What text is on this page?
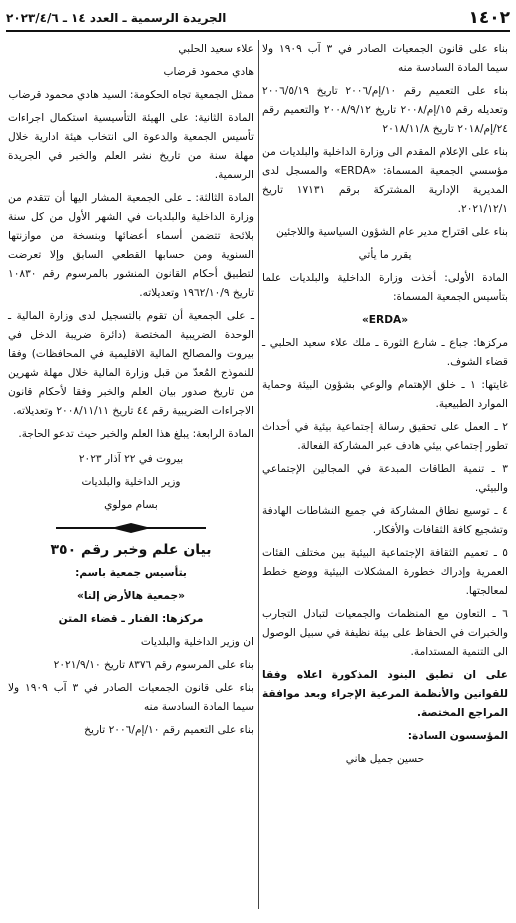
١٤٠٢
الجريدة الرسمية ـ العدد ١٤
ـ ٢٠٢٣/٤/٦

بناء على قانون الجمعيات الصادر في ٣ آب ١٩٠٩ ولا سيما المادة السادسة منه

بناء على التعميم رقم ١٠/إم/٢٠٠٦ تاريخ ٢٠٠٦/٥/١٩ وتعديله رقم ١٥/إم/٢٠٠٨ تاريخ ٢٠٠٨/٩/١٢ والتعميم رقم ٢٤/إم/٢٠١٨ تاريخ ٢٠١٨/١١/٨

بناء على الإعلام المقدم الى وزارة الداخلية والبلديات من مؤسسي الجمعية المسماة: «ERDA» والمسجل لدى المديرية الإدارية المشتركة برقم ١٧١٣١ تاريخ ٢٠٢١/١٢/١.

بناء على اقتراح مدير عام الشؤون السياسية واللاجئين

يقرر ما يأتي

المادة الأولى: أخذت وزارة الداخلية والبلديات علما بتأسيس الجمعية المسماة:

«ERDA»

مركزها: جباع ـ شارع الثورة ـ ملك علاء سعيد الحلبي ـ قضاء الشوف.

غايتها: ١ ـ خلق الإهتمام والوعي بشؤون البيئة وحماية الموارد الطبيعية.

٢ ـ العمل على تحقيق رسالة إجتماعية بيئية في أحداث تطور إجتماعي بيئي هادف عبر المشاركة الفعالة.

٣ ـ تنمية الطاقات المبدعة في المجالين الإجتماعي والبيئي.

٤ ـ توسيع نطاق المشاركة في جميع النشاطات الهادفة وتشجيع كافة الثقافات والأفكار.

٥ ـ تعميم الثقافة الإجتماعية البيئية بين مختلف الفئات العمرية وإدراك خطورة المشكلات البيئية ووضع خطط لمعالجتها.

٦ ـ التعاون مع المنظمات والجمعيات لتبادل التجارب والخبرات في الحفاظ على بيئة نظيفة في سبيل الوصول الى التنمية المستدامة.

على ان تطبق البنود المذكورة اعلاه وفقا للقوانين والأنظمة المرعية الإجراء وبعد موافقة المراجع المختصة.

المؤسسون السادة:

حسين جميل هاني

علاء سعيد الحلبي

هادي محمود قرضاب

ممثل الجمعية تجاه الحكومة: السيد هادي محمود قرضاب

المادة الثانية: على الهيئة التأسيسية استكمال اجراءات تأسيس الجمعية والدعوة الى انتخاب هيئة ادارية خلال مهلة سنة من تاريخ نشر العلم والخبر في الجريدة الرسمية.

المادة الثالثة: ـ على الجمعية المشار اليها أن تتقدم من وزارة الداخلية والبلديات في الشهر الأول من كل سنة بلائحة تتضمن أسماء أعضائها وبنسخة من موازنتها السنوية ومن حسابها القطعي السابق وإلا تعرضت لتطبيق أحكام القانون المنشور بالمرسوم رقم ١٠٨٣٠ تاريخ ١٩٦٢/١٠/٩ وتعديلاته.

ـ على الجمعية أن تقوم بالتسجيل لدى وزارة المالية ـ الوحدة الضريبية المختصة (دائرة ضريبة الدخل في بيروت والمصالح المالية الاقليمية في المحافظات) وفقا للنموذج المُعدّ من قبل وزارة المالية خلال مهلة شهرين من تاريخ صدور بيان العلم والخبر وفقا لأحكام قانون الاجراءات الضريبية رقم ٤٤ تاريخ ٢٠٠٨/١١/١١ وتعديلاته.

المادة الرابعة: يبلغ هذا العلم والخبر حيث تدعو الحاجة.

بيروت في ٢٢ آذار ٢٠٢٣

وزير الداخلية والبلديات

بسام مولوي

بيان علم وخبر رقم ٣٥٠

بتأسيس جمعية باسم:

«جمعية هالأرض إلنا»

مركزها: الفنار ـ قضاء المتن

ان وزير الداخلية والبلديات

بناء على المرسوم رقم ٨٣٧٦ تاريخ ٢٠٢١/٩/١٠

بناء على قانون الجمعيات الصادر في ٣ آب ١٩٠٩ ولا سيما المادة السادسة منه

بناء على التعميم رقم ١٠/إم/٢٠٠٦ تاريخ
